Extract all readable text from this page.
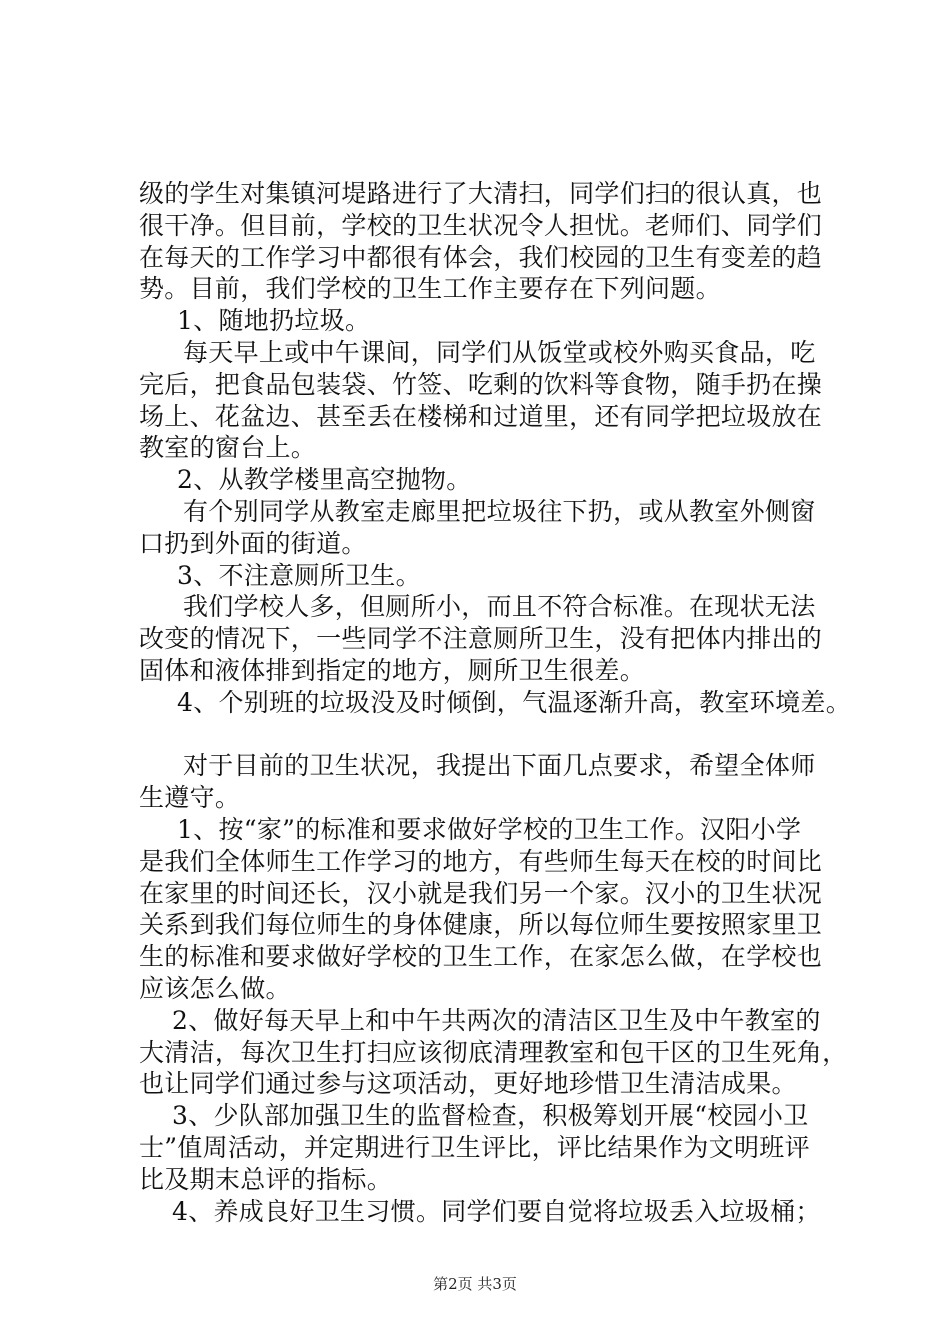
级的学生对集镇河堤路进行了大清扫，同学们扫的很认真，也
很干净。但目前，学校的卫生状况令人担忧。老师们、同学们
在每天的工作学习中都很有体会，我们校园的卫生有变差的趋
势。目前，我们学校的卫生工作主要存在下列问题。
1、随地扔垃圾。
每天早上或中午课间，同学们从饭堂或校外购买食品，吃
完后，把食品包装袋、竹签、吃剩的饮料等食物，随手扔在操
场上、花盆边、甚至丢在楼梯和过道里，还有同学把垃圾放在
教室的窗台上。
2、从教学楼里高空抛物。
有个别同学从教室走廊里把垃圾往下扔，或从教室外侧窗
口扔到外面的街道。
3、不注意厕所卫生。
我们学校人多，但厕所小，而且不符合标准。在现状无法
改变的情况下，一些同学不注意厕所卫生，没有把体内排出的
固体和液体排到指定的地方，厕所卫生很差。
4、个别班的垃圾没及时倾倒，气温逐渐升高，教室环境差。
对于目前的卫生状况，我提出下面几点要求，希望全体师
生遵守。
1、按“家”的标准和要求做好学校的卫生工作。汉阳小学
是我们全体师生工作学习的地方，有些师生每天在校的时间比
在家里的时间还长，汉小就是我们另一个家。汉小的卫生状况
关系到我们每位师生的身体健康，所以每位师生要按照家里卫
生的标准和要求做好学校的卫生工作，在家怎么做，在学校也
应该怎么做。
2、做好每天早上和中午共两次的清洁区卫生及中午教室的
大清洁，每次卫生打扫应该彻底清理教室和包干区的卫生死角，
也让同学们通过参与这项活动，更好地珍惜卫生清洁成果。
3、少队部加强卫生的监督检查，积极筹划开展“校园小卫
士”值周活动，并定期进行卫生评比，评比结果作为文明班评
比及期末总评的指标。
4、养成良好卫生习惯。同学们要自觉将垃圾丢入垃圾桶；
第2页 共3页
